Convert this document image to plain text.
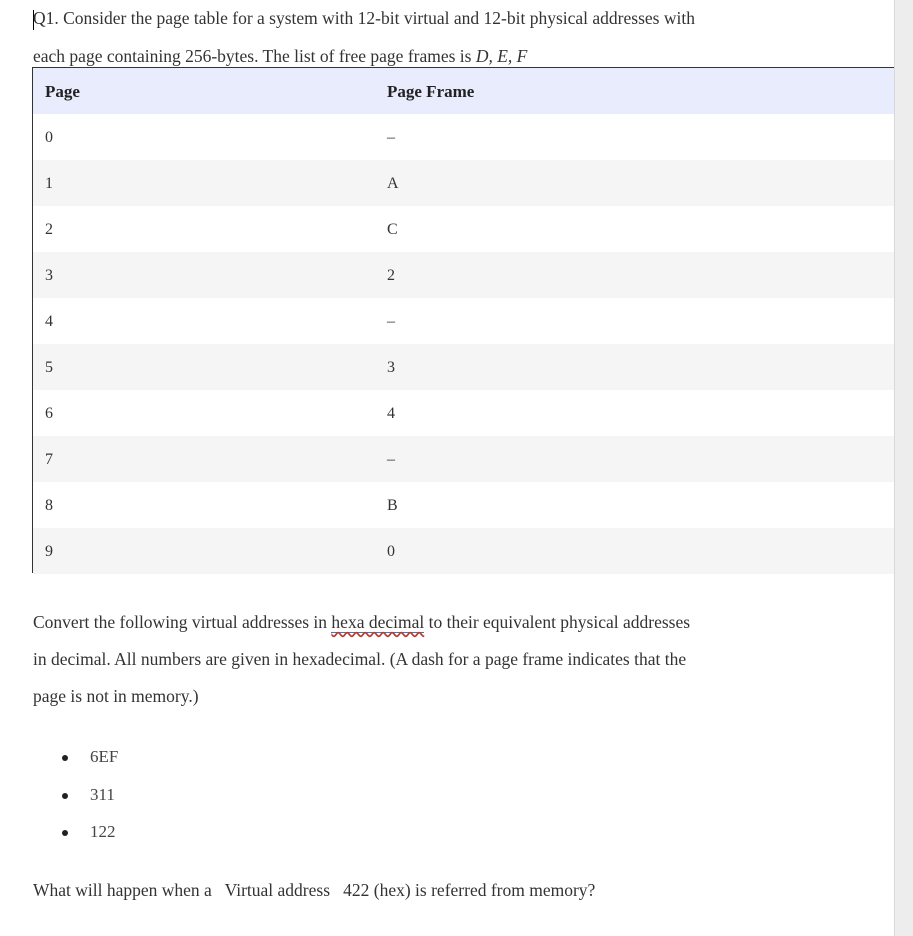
Q1. Consider the page table for a system with 12-bit virtual and 12-bit physical addresses with
each page containing 256-bytes. The list of free page frames is D, E, F
Page	Page Frame
0	–
1	A
2	C
3	2
4	–
5	3
6	4
7	–
8	B
9	0
Convert the following virtual addresses in hexa decimal to their equivalent physical addresses
in decimal. All numbers are given in hexadecimal. (A dash for a page frame indicates that the
page is not in memory.)
6EF
311
122
What will happen when a   Virtual address   422 (hex) is referred from memory?
